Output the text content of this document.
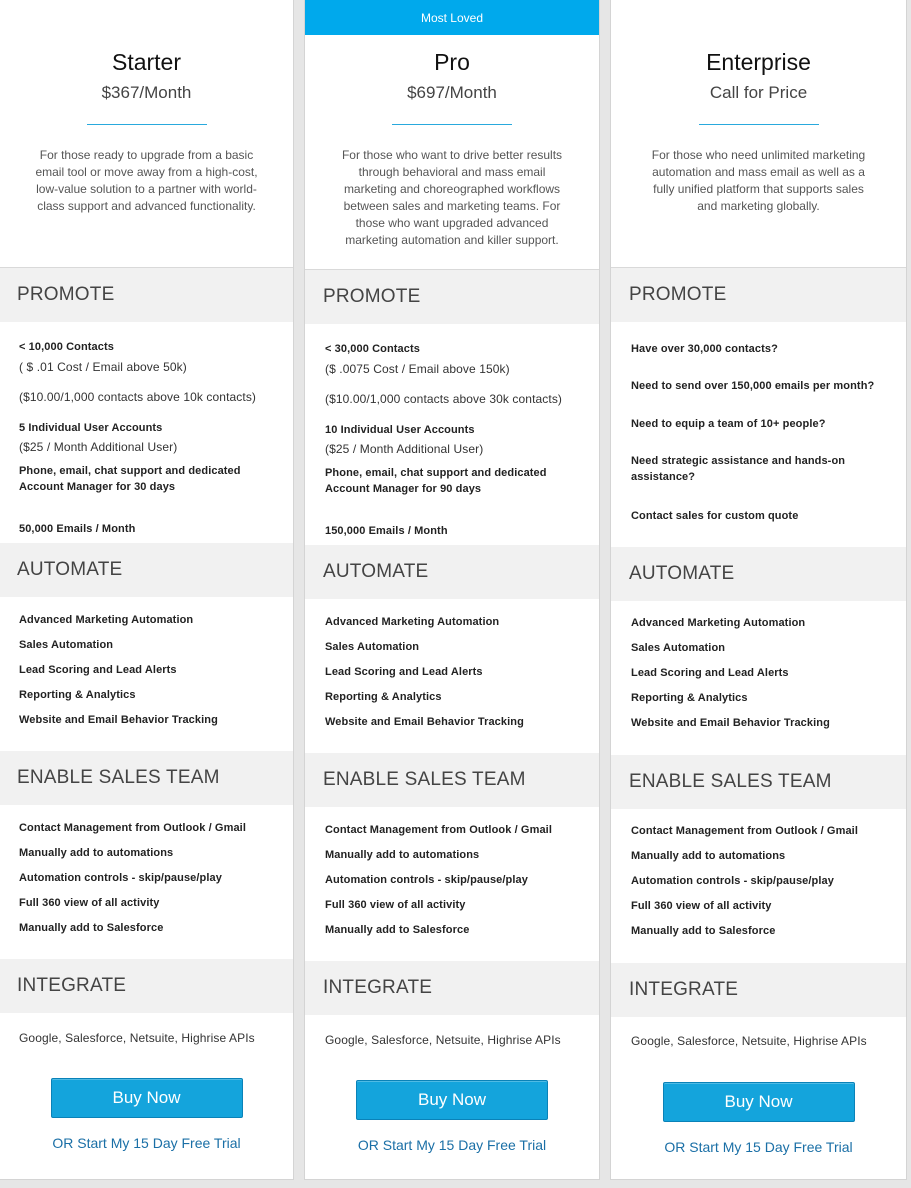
Starter
$367/Month
For those ready to upgrade from a basic email tool or move away from a high-cost, low-value solution to a partner with world-class support and advanced functionality.
PROMOTE
< 10,000 Contacts
( $ .01 Cost / Email above 50k)
($10.00/1,000 contacts above 10k contacts)
5 Individual User Accounts
($25 / Month Additional User)
Phone, email, chat support and dedicated Account Manager for 30 days
50,000 Emails / Month
AUTOMATE
Advanced Marketing Automation
Sales Automation
Lead Scoring and Lead Alerts
Reporting & Analytics
Website and Email Behavior Tracking
ENABLE SALES TEAM
Contact Management from Outlook / Gmail
Manually add to automations
Automation controls - skip/pause/play
Full 360 view of all activity
Manually add to Salesforce
INTEGRATE
Google, Salesforce, Netsuite, Highrise APIs
Buy Now
OR Start My 15 Day Free Trial
Most Loved
Pro
$697/Month
For those who want to drive better results through behavioral and mass email marketing and choreographed workflows between sales and marketing teams. For those who want upgraded advanced marketing automation and killer support.
PROMOTE
< 30,000 Contacts
($ .0075 Cost / Email above 150k)
($10.00/1,000 contacts above 30k contacts)
10 Individual User Accounts
($25 / Month Additional User)
Phone, email, chat support and dedicated Account Manager for 90 days
150,000 Emails / Month
AUTOMATE
Advanced Marketing Automation
Sales Automation
Lead Scoring and Lead Alerts
Reporting & Analytics
Website and Email Behavior Tracking
ENABLE SALES TEAM
Contact Management from Outlook / Gmail
Manually add to automations
Automation controls - skip/pause/play
Full 360 view of all activity
Manually add to Salesforce
INTEGRATE
Google, Salesforce, Netsuite, Highrise APIs
Buy Now
OR Start My 15 Day Free Trial
Enterprise
Call for Price
For those who need unlimited marketing automation and mass email as well as a fully unified platform that supports sales and marketing globally.
PROMOTE
Have over 30,000 contacts?
Need to send over 150,000 emails per month?
Need to equip a team of 10+ people?
Need strategic assistance and hands-on assistance?
Contact sales for custom quote
AUTOMATE
Advanced Marketing Automation
Sales Automation
Lead Scoring and Lead Alerts
Reporting & Analytics
Website and Email Behavior Tracking
ENABLE SALES TEAM
Contact Management from Outlook / Gmail
Manually add to automations
Automation controls - skip/pause/play
Full 360 view of all activity
Manually add to Salesforce
INTEGRATE
Google, Salesforce, Netsuite, Highrise APIs
Buy Now
OR Start My 15 Day Free Trial
